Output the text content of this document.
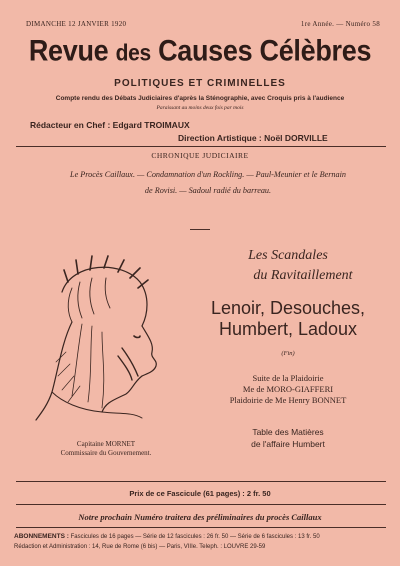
DIMANCHE 12 JANVIER 1920	1re Année. — Numéro 58
Revue des Causes Célèbres
POLITIQUES ET CRIMINELLES
Compte rendu des Débats Judiciaires d'après la Sténographie, avec Croquis pris à l'audience
Paraissant au moins deux fois par mois
Rédacteur en Chef : Edgard TROIMAUX
Direction Artistique : Noël DORVILLE
CHRONIQUE JUDICIAIRE
Le Procès Caillaux. — Condamnation d'un Rockling. — Paul-Meunier et le Bernain
de Rovisi. — Sadoul radié du barreau.
Capitaine MORNET
Commissaire du Gouvernement.
Les Scandales
du Ravitaillement
Lenoir, Desouches,
Humbert, Ladoux
(Fin)
Suite de la Plaidoirie
Me de MORO-GIAFFERI
Plaidoirie de Me Henry BONNET
Table des Matières
de l'affaire Humbert
Prix de ce Fascicule (61 pages) : 2 fr. 50
Notre prochain Numéro traitera des préliminaires du procès Caillaux
ABONNEMENTS : Fascicules de 16 pages — Série de 12 fascicules : 26 fr. 50 — Série de 6 fascicules : 13 fr. 50
Rédaction et Administration : 14, Rue de Rome (6 bis) — Paris, VIIIe. Teleph. : LOUVRE 29-59
